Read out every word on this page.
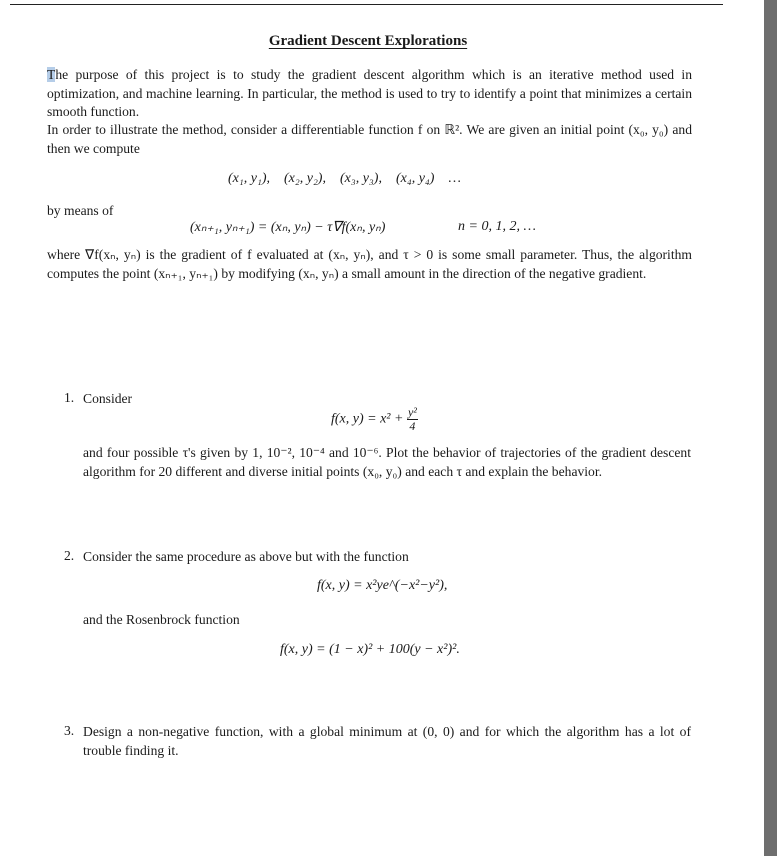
Gradient Descent Explorations
The purpose of this project is to study the gradient descent algorithm which is an iterative method used in optimization, and machine learning. In particular, the method is used to try to identify a point that minimizes a certain smooth function.
In order to illustrate the method, consider a differentiable function f on ℝ². We are given an initial point (x₀, y₀) and then we compute
(x₁, y₁),    (x₂, y₂),    (x₃, y₃),    (x₄, y₄)    …
by means of
(xₙ₊₁, yₙ₊₁) = (xₙ, yₙ) − τ∇f(xₙ, yₙ)	n = 0, 1, 2, …
where ∇f(xₙ, yₙ) is the gradient of f evaluated at (xₙ, yₙ), and τ > 0 is some small parameter. Thus, the algorithm computes the point (xₙ₊₁, yₙ₊₁) by modifying (xₙ, yₙ) a small amount in the direction of the negative gradient.
1. Consider
f(x, $y) = x^2 + \frac{\text{y²}}{4}$
and four possible τ's given by 1, 10⁻², 10⁻⁴ and 10⁻⁶. Plot the behavior of trajectories of the gradient descent algorithm for 20 different and diverse initial points (x₀, y₀) and each τ and explain the behavior.
2. Consider the same procedure as above but with the function
f(x, y) = x²ye^(−x²−y²),
and the Rosenbrock function
f(x, y) = (1 − x)² + 100(y − x²)².
3. Design a non-negative function, with a global minimum at (0, 0) and for which the algorithm has a lot of trouble finding it.
